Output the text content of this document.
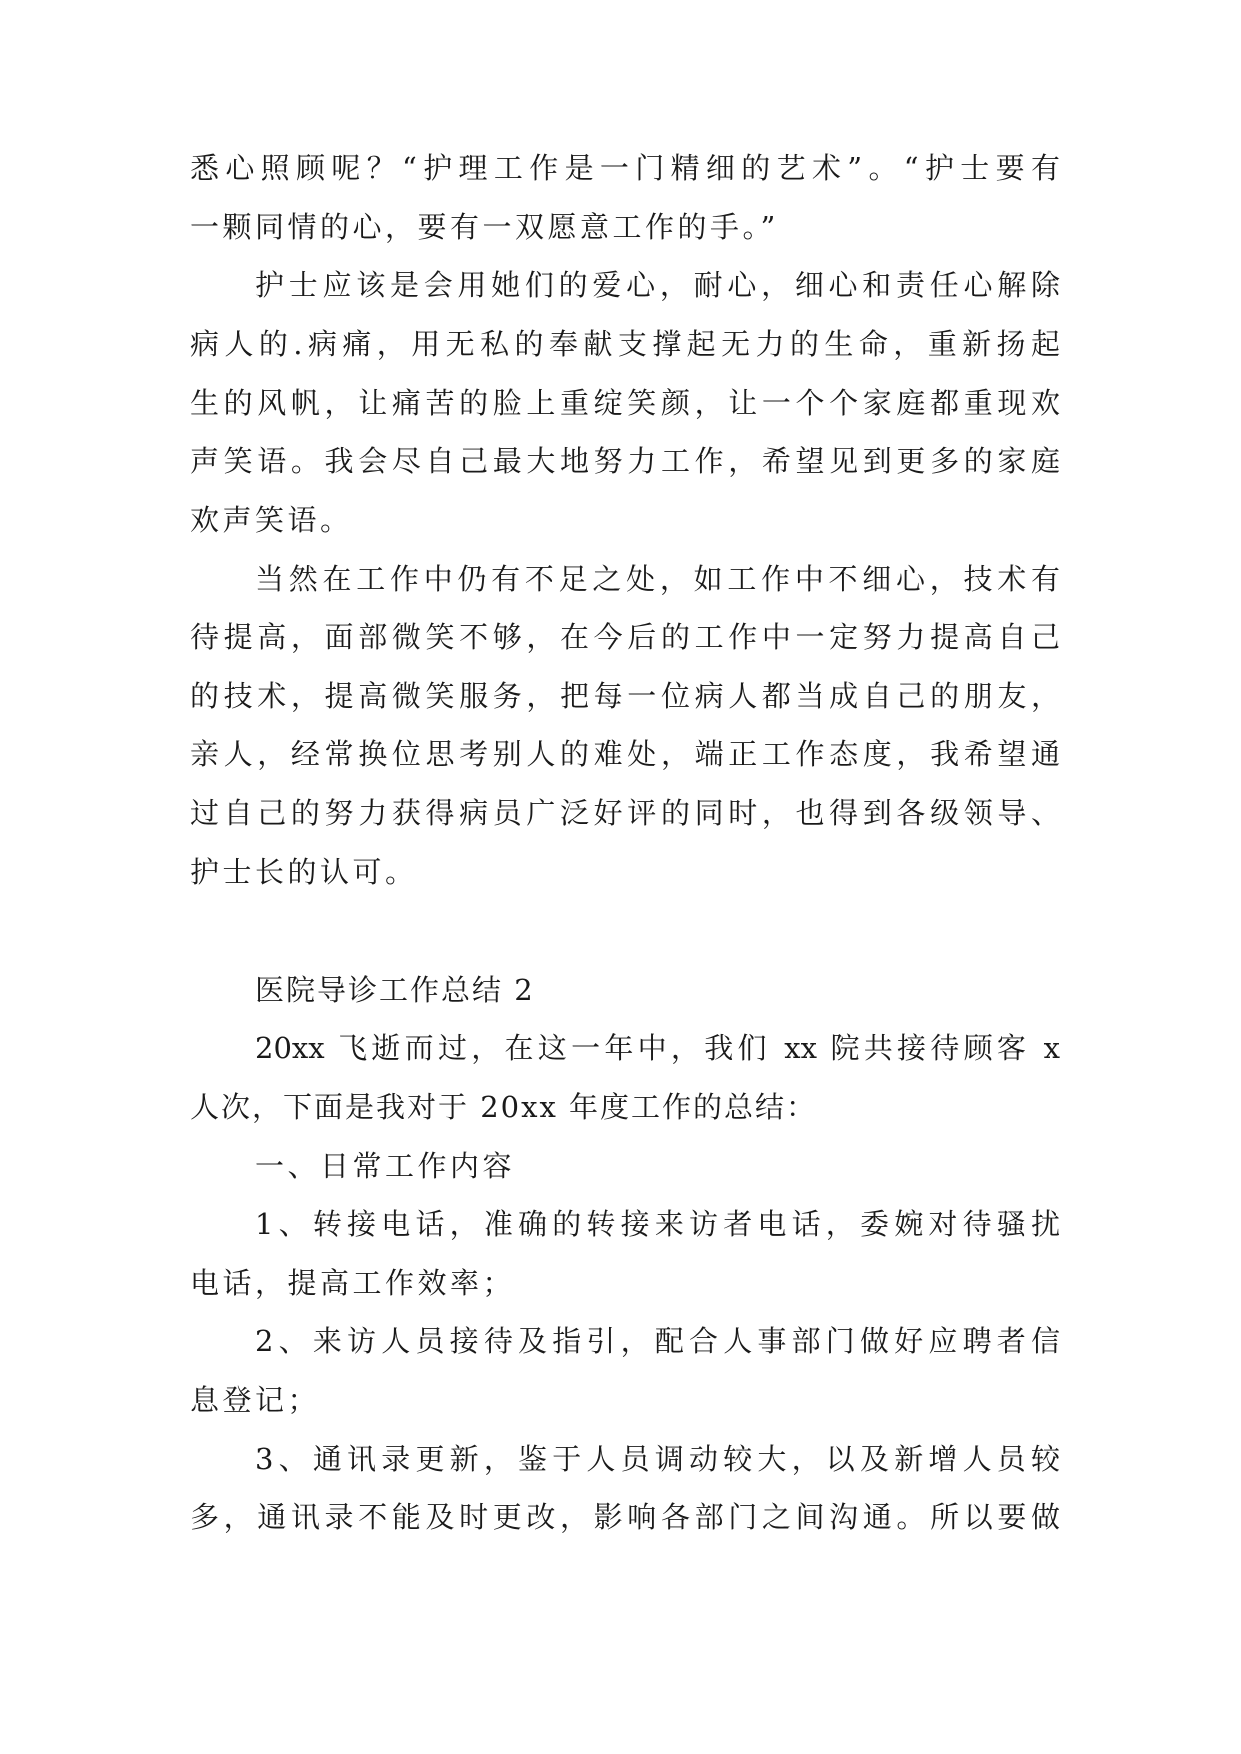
悉心照顾呢？“护理工作是一门精细的艺术”。“护士要有
一颗同情的心，要有一双愿意工作的手。”
护士应该是会用她们的爱心，耐心，细心和责任心解除
病人的.病痛，用无私的奉献支撑起无力的生命，重新扬起
生的风帆，让痛苦的脸上重绽笑颜，让一个个家庭都重现欢
声笑语。我会尽自己最大地努力工作，希望见到更多的家庭
欢声笑语。
当然在工作中仍有不足之处，如工作中不细心，技术有
待提高，面部微笑不够，在今后的工作中一定努力提高自己
的技术，提高微笑服务，把每一位病人都当成自己的朋友，
亲人，经常换位思考别人的难处，端正工作态度，我希望通
过自己的努力获得病员广泛好评的同时，也得到各级领导、
护士长的认可。
医院导诊工作总结 2
20xx 飞逝而过，在这一年中，我们 xx 院共接待顾客 x
人次，下面是我对于 20xx 年度工作的总结：
一、日常工作内容
1、转接电话，准确的转接来访者电话，委婉对待骚扰
电话，提高工作效率；
2、来访人员接待及指引，配合人事部门做好应聘者信
息登记；
3、通讯录更新，鉴于人员调动较大，以及新增人员较
多，通讯录不能及时更改，影响各部门之间沟通。所以要做
